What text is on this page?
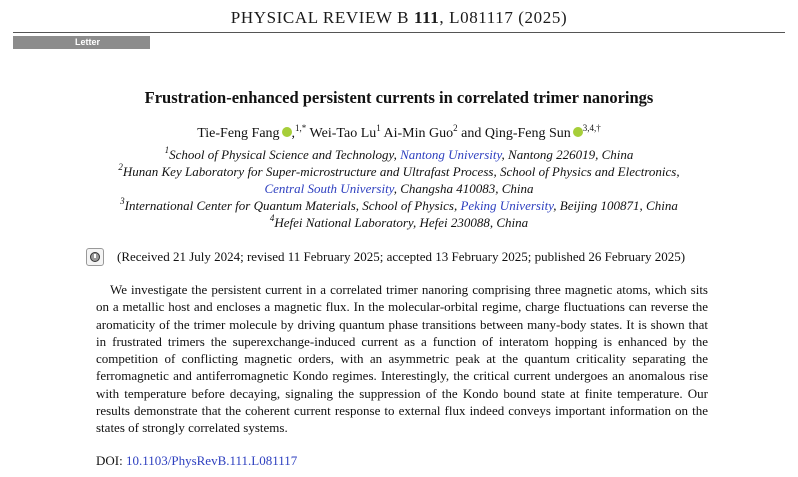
PHYSICAL REVIEW B 111, L081117 (2025)
Letter
Frustration-enhanced persistent currents in correlated trimer nanorings
Tie-Feng Fang ,$^{1,*}$ Wei-Tao Lu$^1$ Ai-Min Guo$^2$ and Qing-Feng Sun $^{3,4,\dagger}$
$^1$School of Physical Science and Technology, Nantong University, Nantong 226019, China
$^2$Hunan Key Laboratory for Super-microstructure and Ultrafast Process, School of Physics and Electronics,
Central South University, Changsha 410083, China
$^3$International Center for Quantum Materials, School of Physics, Peking University, Beijing 100871, China
$^4$Hefei National Laboratory, Hefei 230088, China
(Received 21 July 2024; revised 11 February 2025; accepted 13 February 2025; published 26 February 2025)
We investigate the persistent current in a correlated trimer nanoring comprising three magnetic atoms, which sits on a metallic host and encloses a magnetic flux. In the molecular-orbital regime, charge fluctuations can reverse the aromaticity of the trimer molecule by driving quantum phase transitions between many-body states. It is shown that in frustrated trimers the superexchange-induced current as a function of interatom hopping is enhanced by the competition of conflicting magnetic orders, with an asymmetric peak at the quantum criticality separating the ferromagnetic and antiferromagnetic Kondo regimes. Interestingly, the critical current undergoes an anomalous rise with temperature before decaying, signaling the suppression of the Kondo bound state at finite temperature. Our results demonstrate that the coherent current response to external flux indeed conveys important information on the states of strongly correlated systems.
DOI: 10.1103/PhysRevB.111.L081117
